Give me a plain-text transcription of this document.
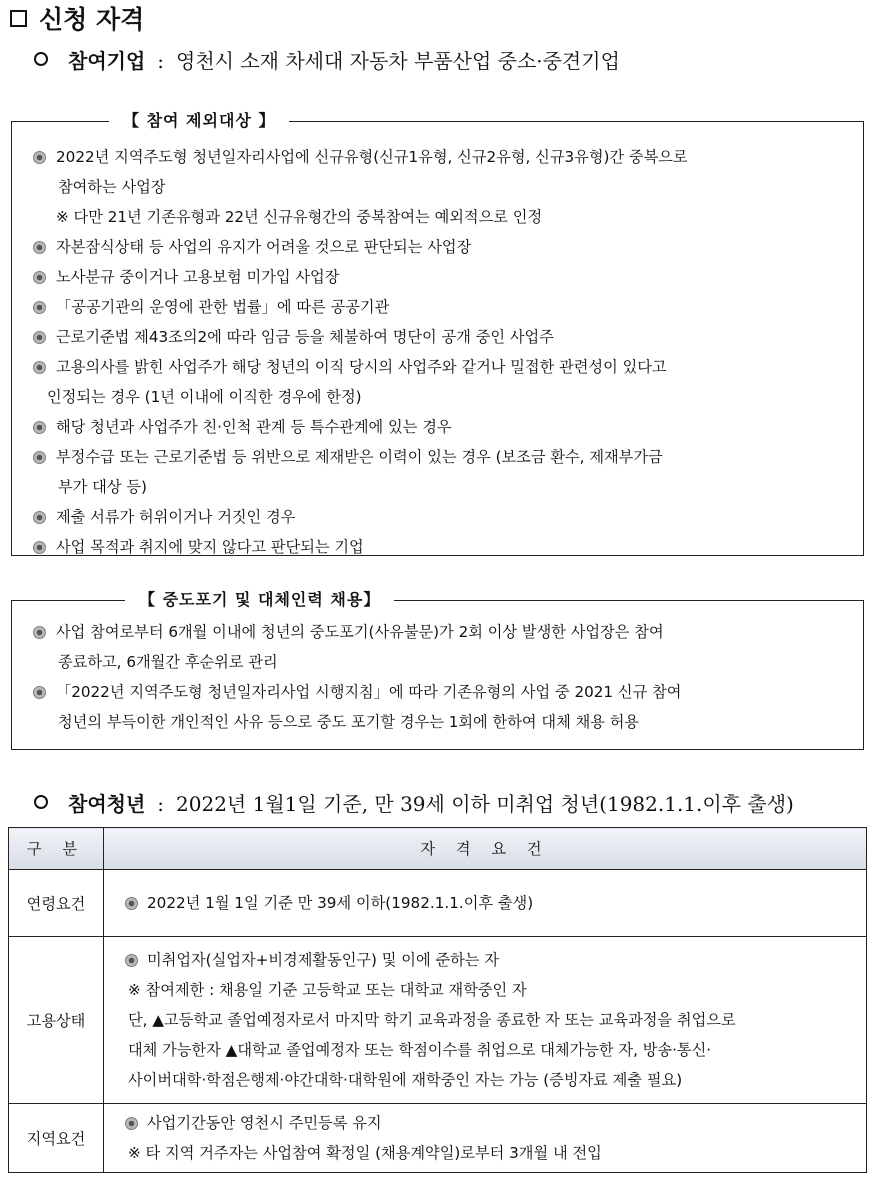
신청 자격
참여기업 : 영천시 소재 차세대 자동차 부품산업 중소·중견기업
【 참여 제외대상 】
2022년 지역주도형 청년일자리사업에 신규유형(신규1유형, 신규2유형, 신규3유형)간 중복으로

참여하는 사업장
※ 다만 21년 기존유형과 22년 신규유형간의 중복참여는 예외적으로 인정
자본잠식상태 등 사업의 유지가 어려울 것으로 판단되는 사업장
노사분규 중이거나 고용보험 미가입 사업장
「공공기관의 운영에 관한 법률」에 따른 공공기관
근로기준법 제43조의2에 따라 임금 등을 체불하여 명단이 공개 중인 사업주
고용의사를 밝힌 사업주가 해당 청년의 이직 당시의 사업주와 같거나 밀접한 관련성이 있다고

인정되는 경우 (1년 이내에 이직한 경우에 한정)
해당 청년과 사업주가 친·인척 관계 등 특수관계에 있는 경우
부정수급 또는 근로기준법 등 위반으로 제재받은 이력이 있는 경우 (보조금 환수, 제재부가금

부가 대상 등)
제출 서류가 허위이거나 거짓인 경우
사업 목적과 취지에 맞지 않다고 판단되는 기업
【 중도포기 및 대체인력 채용】
사업 참여로부터 6개월 이내에 청년의 중도포기(사유불문)가 2회 이상 발생한 사업장은 참여

종료하고, 6개월간 후순위로 관리
「2022년 지역주도형 청년일자리사업 시행지침」에 따라 기존유형의 사업 중 2021 신규 참여

청년의 부득이한 개인적인 사유 등으로 중도 포기할 경우는 1회에 한하여 대체 채용 허용
참여청년 : 2022년 1월1일 기준, 만 39세 이하 미취업 청년(1982.1.1.이후 출생)
구 분	자 격 요 건
연령요건	2022년 1월 1일 기준 만 39세 이하(1982.1.1.이후 출생)

고용상태	미취업자(실업자+비경제활동인구) 및 이에 준하는 자
※ 참여제한 : 채용일 기준 고등학교 또는 대학교 재학중인 자
단, ▲고등학교 졸업예정자로서 마지막 학기 교육과정을 종료한 자 또는 교육과정을 취업으로
대체 가능한자 ▲대학교 졸업예정자 또는 학점이수를 취업으로 대체가능한 자, 방송·통신·
사이버대학·학점은행제·야간대학·대학원에 재학중인 자는 가능 (증빙자료 제출 필요)

지역요건	사업기간동안 영천시 주민등록 유지
※ 타 지역 거주자는 사업참여 확정일 (채용계약일)로부터 3개월 내 전입
